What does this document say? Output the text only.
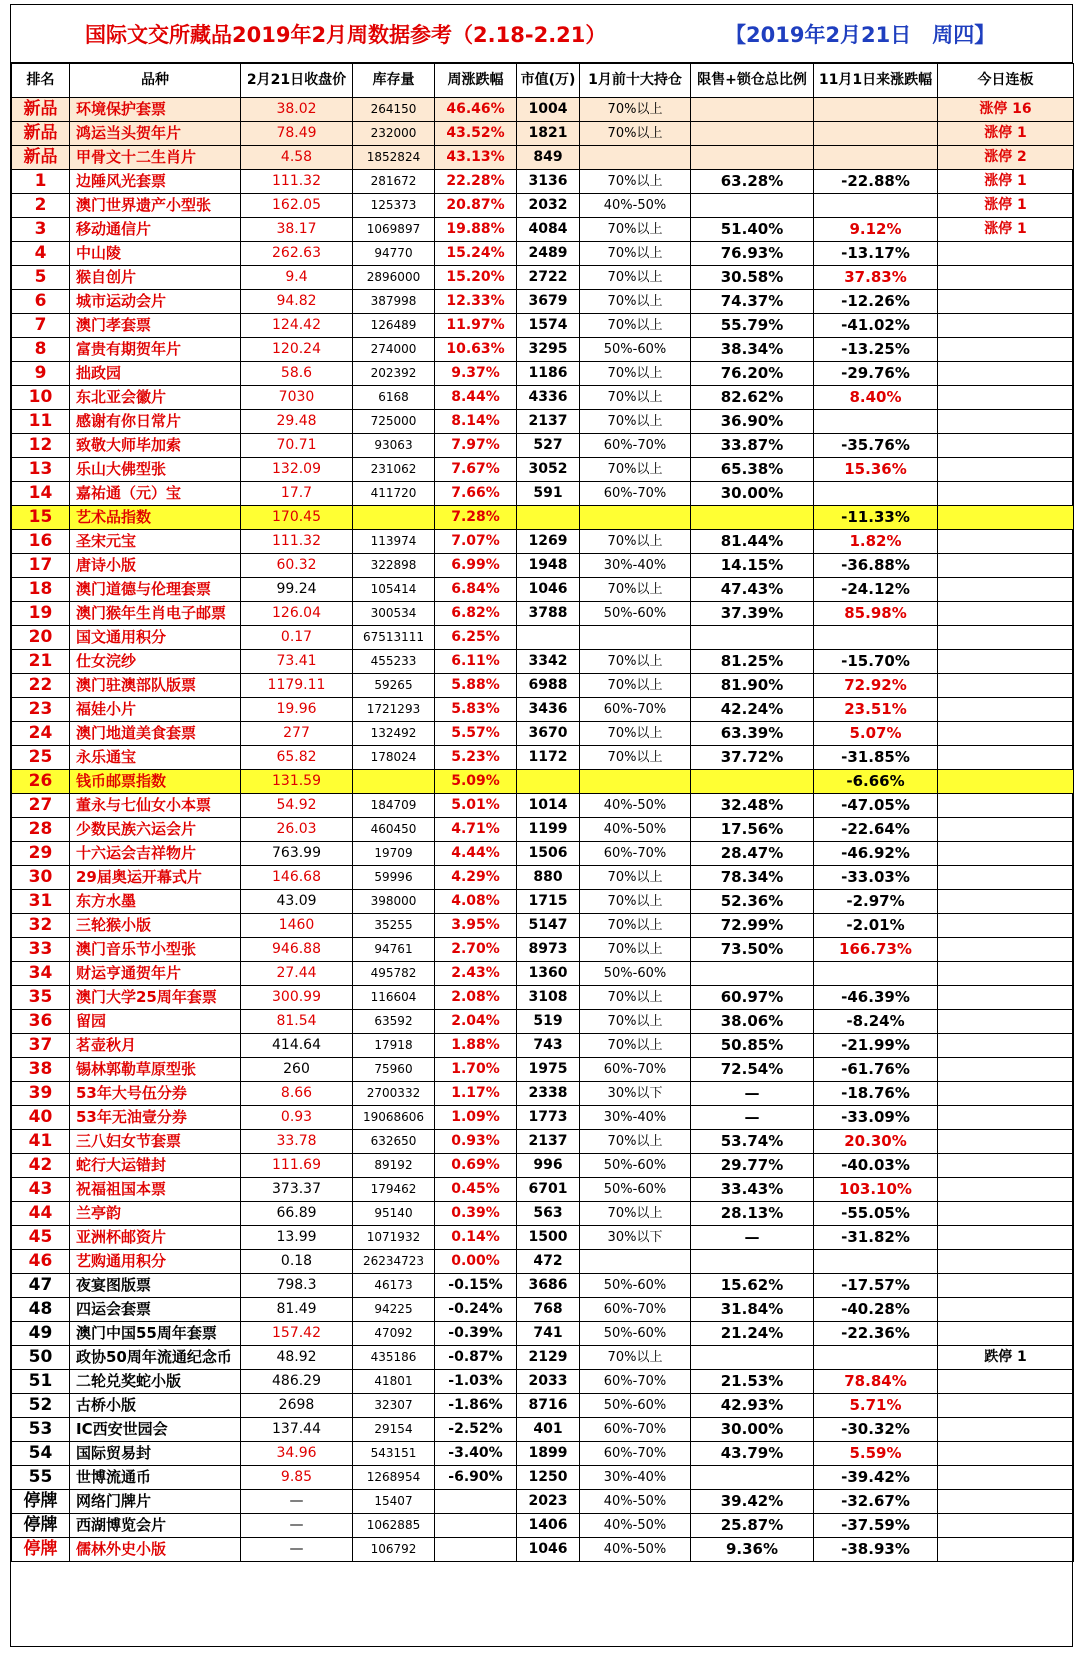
国际文交所藏品2019年2月周数据参考（2.18-2.21）	【2019年2月21日　周四】
排名	品种	2月21日收盘价	库存量	周涨跌幅	市值(万)	1月前十大持仓	限售+锁仓总比例	11月1日来涨跌幅	今日连板
新品	环境保护套票	38.02	264150	46.46%	1004	70%以上			涨停 16
新品	鸿运当头贺年片	78.49	232000	43.52%	1821	70%以上			涨停 1
新品	甲骨文十二生肖片	4.58	1852824	43.13%	849				涨停 2
1	边陲风光套票	111.32	281672	22.28%	3136	70%以上	63.28%	-22.88%	涨停 1
2	澳门世界遗产小型张	162.05	125373	20.87%	2032	40%-50%			涨停 1
3	移动通信片	38.17	1069897	19.88%	4084	70%以上	51.40%	9.12%	涨停 1
4	中山陵	262.63	94770	15.24%	2489	70%以上	76.93%	-13.17%	
5	猴自创片	9.4	2896000	15.20%	2722	70%以上	30.58%	37.83%	
6	城市运动会片	94.82	387998	12.33%	3679	70%以上	74.37%	-12.26%	
7	澳门孝套票	124.42	126489	11.97%	1574	70%以上	55.79%	-41.02%	
8	富贵有期贺年片	120.24	274000	10.63%	3295	50%-60%	38.34%	-13.25%	
9	拙政园	58.6	202392	9.37%	1186	70%以上	76.20%	-29.76%	
10	东北亚会徽片	7030	6168	8.44%	4336	70%以上	82.62%	8.40%	
11	感谢有你日常片	29.48	725000	8.14%	2137	70%以上	36.90%		
12	致敬大师毕加索	70.71	93063	7.97%	527	60%-70%	33.87%	-35.76%	
13	乐山大佛型张	132.09	231062	7.67%	3052	70%以上	65.38%	15.36%	
14	嘉祐通（元）宝	17.7	411720	7.66%	591	60%-70%	30.00%		
15	艺术品指数	170.45		7.28%				-11.33%	
16	圣宋元宝	111.32	113974	7.07%	1269	70%以上	81.44%	1.82%	
17	唐诗小版	60.32	322898	6.99%	1948	30%-40%	14.15%	-36.88%	
18	澳门道德与伦理套票	99.24	105414	6.84%	1046	70%以上	47.43%	-24.12%	
19	澳门猴年生肖电子邮票	126.04	300534	6.82%	3788	50%-60%	37.39%	85.98%	
20	国文通用积分	0.17	67513111	6.25%					
21	仕女浣纱	73.41	455233	6.11%	3342	70%以上	81.25%	-15.70%	
22	澳门驻澳部队版票	1179.11	59265	5.88%	6988	70%以上	81.90%	72.92%	
23	福娃小片	19.96	1721293	5.83%	3436	60%-70%	42.24%	23.51%	
24	澳门地道美食套票	277	132492	5.57%	3670	70%以上	63.39%	5.07%	
25	永乐通宝	65.82	178024	5.23%	1172	70%以上	37.72%	-31.85%	
26	钱币邮票指数	131.59		5.09%				-6.66%	
27	董永与七仙女小本票	54.92	184709	5.01%	1014	40%-50%	32.48%	-47.05%	
28	少数民族六运会片	26.03	460450	4.71%	1199	40%-50%	17.56%	-22.64%	
29	十六运会吉祥物片	763.99	19709	4.44%	1506	60%-70%	28.47%	-46.92%	
30	29届奥运开幕式片	146.68	59996	4.29%	880	70%以上	78.34%	-33.03%	
31	东方水墨	43.09	398000	4.08%	1715	70%以上	52.36%	-2.97%	
32	三轮猴小版	1460	35255	3.95%	5147	70%以上	72.99%	-2.01%	
33	澳门音乐节小型张	946.88	94761	2.70%	8973	70%以上	73.50%	166.73%	
34	财运亨通贺年片	27.44	495782	2.43%	1360	50%-60%			
35	澳门大学25周年套票	300.99	116604	2.08%	3108	70%以上	60.97%	-46.39%	
36	留园	81.54	63592	2.04%	519	70%以上	38.06%	-8.24%	
37	茗壶秋月	414.64	17918	1.88%	743	70%以上	50.85%	-21.99%	
38	锡林郭勒草原型张	260	75960	1.70%	1975	60%-70%	72.54%	-61.76%	
39	53年大号伍分券	8.66	2700332	1.17%	2338	30%以下	—	-18.76%	
40	53年无油壹分券	0.93	19068606	1.09%	1773	30%-40%	—	-33.09%	
41	三八妇女节套票	33.78	632650	0.93%	2137	70%以上	53.74%	20.30%	
42	蛇行大运错封	111.69	89192	0.69%	996	50%-60%	29.77%	-40.03%	
43	祝福祖国本票	373.37	179462	0.45%	6701	50%-60%	33.43%	103.10%	
44	兰亭韵	66.89	95140	0.39%	563	70%以上	28.13%	-55.05%	
45	亚洲杯邮资片	13.99	1071932	0.14%	1500	30%以下	—	-31.82%	
46	艺购通用积分	0.18	26234723	0.00%	472				
47	夜宴图版票	798.3	46173	-0.15%	3686	50%-60%	15.62%	-17.57%	
48	四运会套票	81.49	94225	-0.24%	768	60%-70%	31.84%	-40.28%	
49	澳门中国55周年套票	157.42	47092	-0.39%	741	50%-60%	21.24%	-22.36%	
50	政协50周年流通纪念币	48.92	435186	-0.87%	2129	70%以上			跌停 1
51	二轮兑奖蛇小版	486.29	41801	-1.03%	2033	60%-70%	21.53%	78.84%	
52	古桥小版	2698	32307	-1.86%	8716	50%-60%	42.93%	5.71%	
53	IC西安世园会	137.44	29154	-2.52%	401	60%-70%	30.00%	-30.32%	
54	国际贸易封	34.96	543151	-3.40%	1899	60%-70%	43.79%	5.59%	
55	世博流通币	9.85	1268954	-6.90%	1250	30%-40%		-39.42%	
停牌	网络门牌片	—	15407		2023	40%-50%	39.42%	-32.67%	
停牌	西湖博览会片	—	1062885		1406	40%-50%	25.87%	-37.59%	
停牌	儒林外史小版	—	106792		1046	40%-50%	9.36%	-38.93%	
